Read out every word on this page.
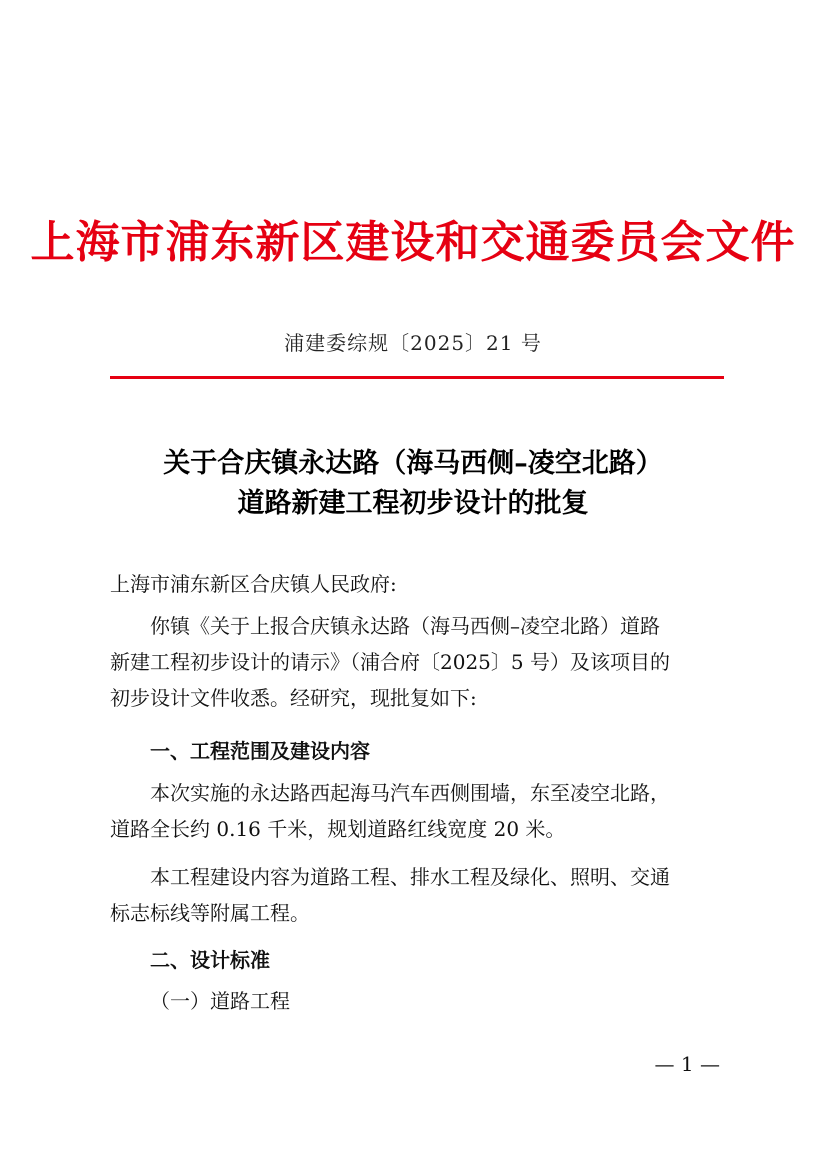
上海市浦东新区建设和交通委员会文件
浦建委综规〔2025〕21 号
关于合庆镇永达路（海马西侧–凌空北路）
道路新建工程初步设计的批复

上海市浦东新区合庆镇人民政府:

你镇《关于上报合庆镇永达路（海马西侧–凌空北路）道路
新建工程初步设计的请示》（浦合府〔2025〕5 号）及该项目的
初步设计文件收悉。经研究，现批复如下:

一、工程范围及建设内容

本次实施的永达路西起海马汽车西侧围墙，东至凌空北路，
道路全长约 0.16 千米，规划道路红线宽度 20 米。

本工程建设内容为道路工程、排水工程及绿化、照明、交通
标志标线等附属工程。

二、设计标准
（一）道路工程
— 1 —
